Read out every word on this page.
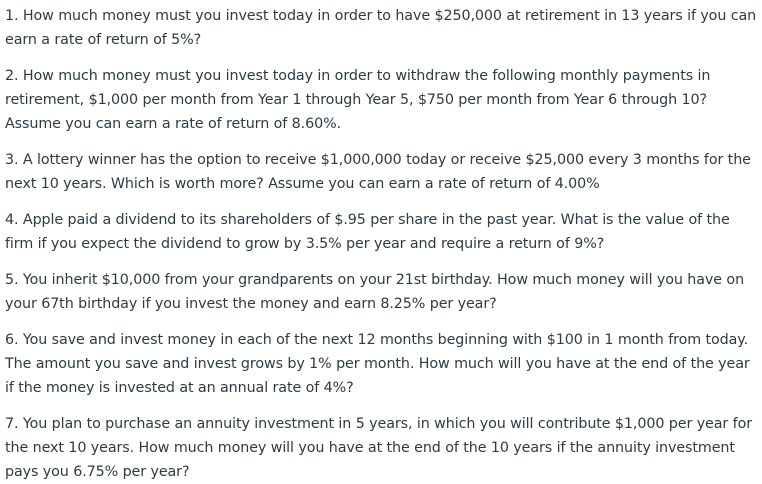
1. How much money must you invest today in order to have $250,000 at retirement in 13 years if you can earn a rate of return of 5%?

2. How much money must you invest today in order to withdraw the following monthly payments in retirement, $1,000 per month from Year 1 through Year 5, $750 per month from Year 6 through 10? Assume you can earn a rate of return of 8.60%.

3. A lottery winner has the option to receive $1,000,000 today or receive $25,000 every 3 months for the next 10 years. Which is worth more? Assume you can earn a rate of return of 4.00%

4. Apple paid a dividend to its shareholders of $.95 per share in the past year. What is the value of the firm if you expect the dividend to grow by 3.5% per year and require a return of 9%?

5. You inherit $10,000 from your grandparents on your 21st birthday. How much money will you have on your 67th birthday if you invest the money and earn 8.25% per year?

6. You save and invest money in each of the next 12 months beginning with $100 in 1 month from today. The amount you save and invest grows by 1% per month. How much will you have at the end of the year if the money is invested at an annual rate of 4%?

7. You plan to purchase an annuity investment in 5 years, in which you will contribute $1,000 per year for the next 10 years. How much money will you have at the end of the 10 years if the annuity investment pays you 6.75% per year?
